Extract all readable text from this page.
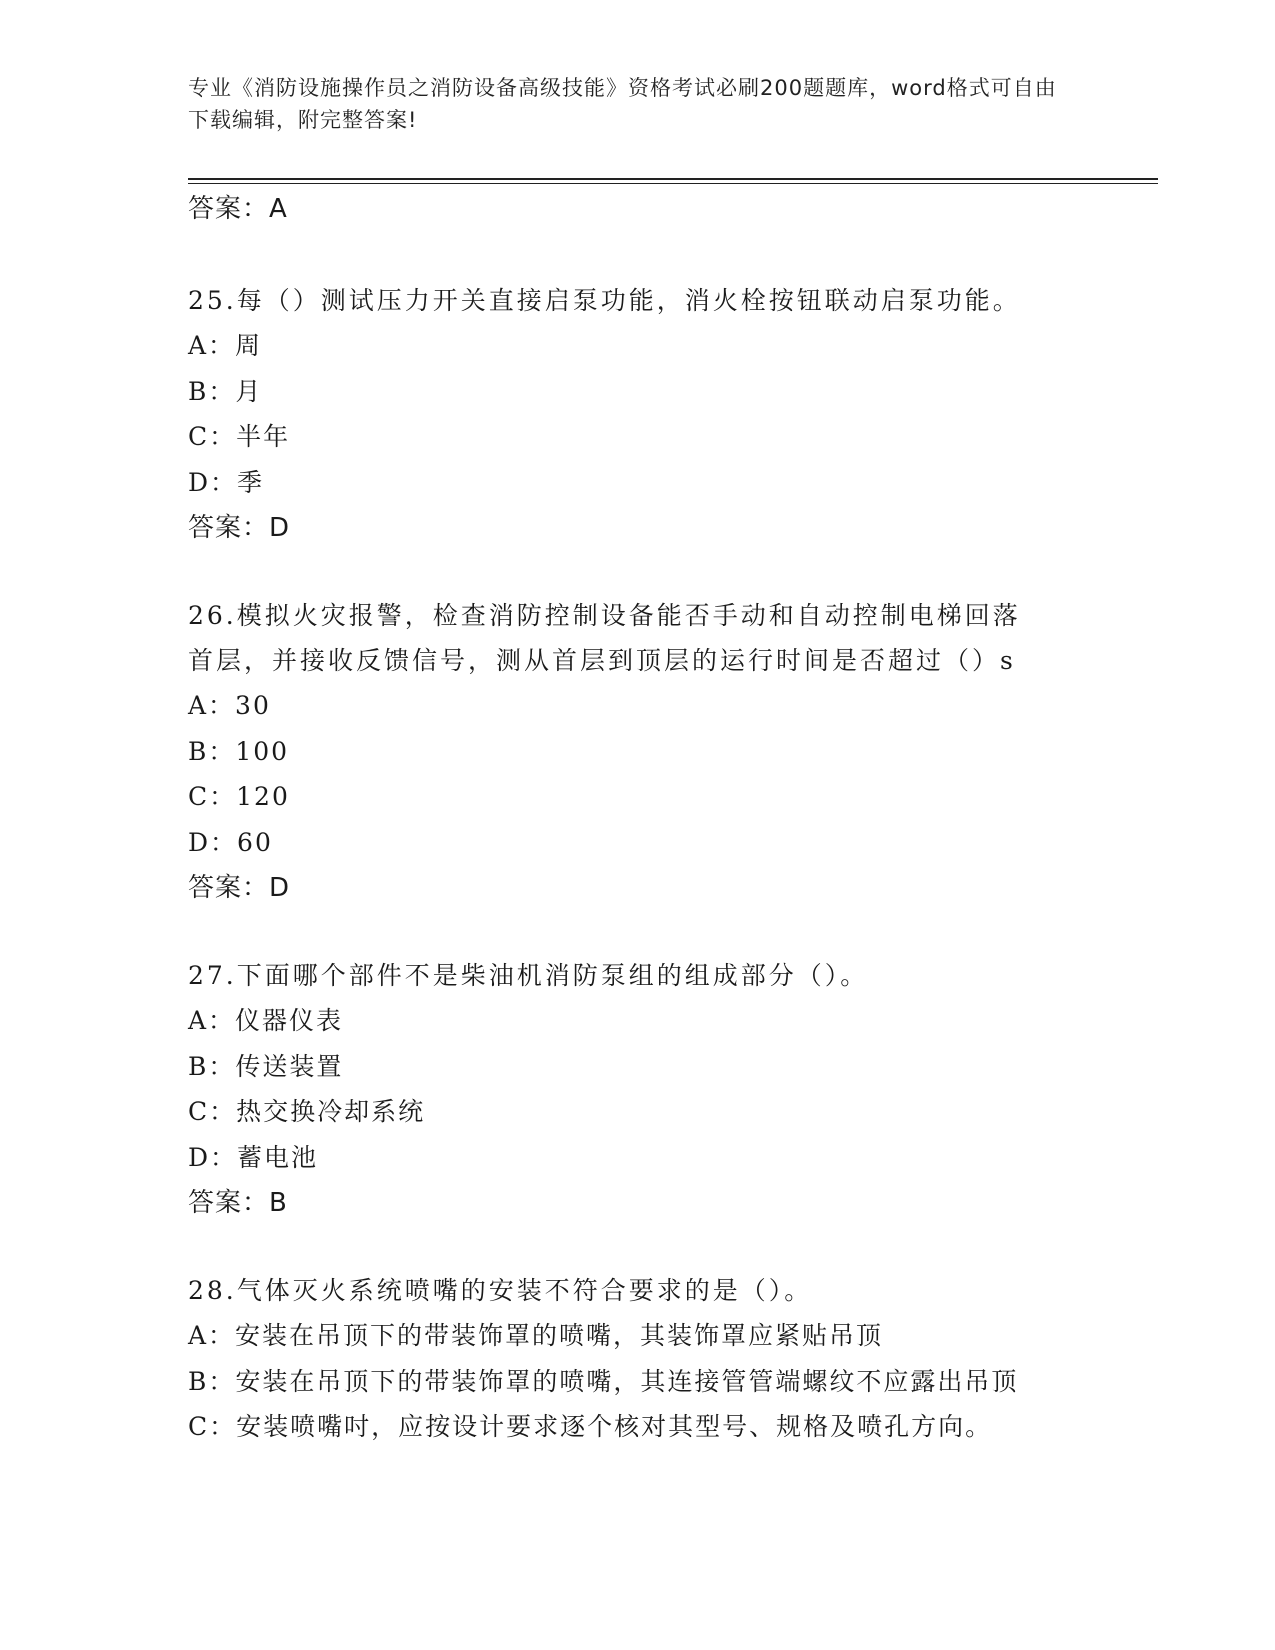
专业《消防设施操作员之消防设备高级技能》资格考试必刷200题题库，word格式可自由下载编辑，附完整答案!
答案：A
25.每（）测试压力开关直接启泵功能，消火栓按钮联动启泵功能。
A：周
B：月
C：半年
D：季
答案：D
26.模拟火灾报警，检查消防控制设备能否手动和自动控制电梯回落首层，并接收反馈信号，测从首层到顶层的运行时间是否超过（）s
A：30
B：100
C：120
D：60
答案：D
27.下面哪个部件不是柴油机消防泵组的组成部分（）。
A：仪器仪表
B：传送装置
C：热交换冷却系统
D：蓄电池
答案：B
28.气体灭火系统喷嘴的安装不符合要求的是（）。
A：安装在吊顶下的带装饰罩的喷嘴，其装饰罩应紧贴吊顶
B：安装在吊顶下的带装饰罩的喷嘴，其连接管管端螺纹不应露出吊顶
C：安装喷嘴吋，应按设计要求逐个核对其型号、规格及喷孔方向。
